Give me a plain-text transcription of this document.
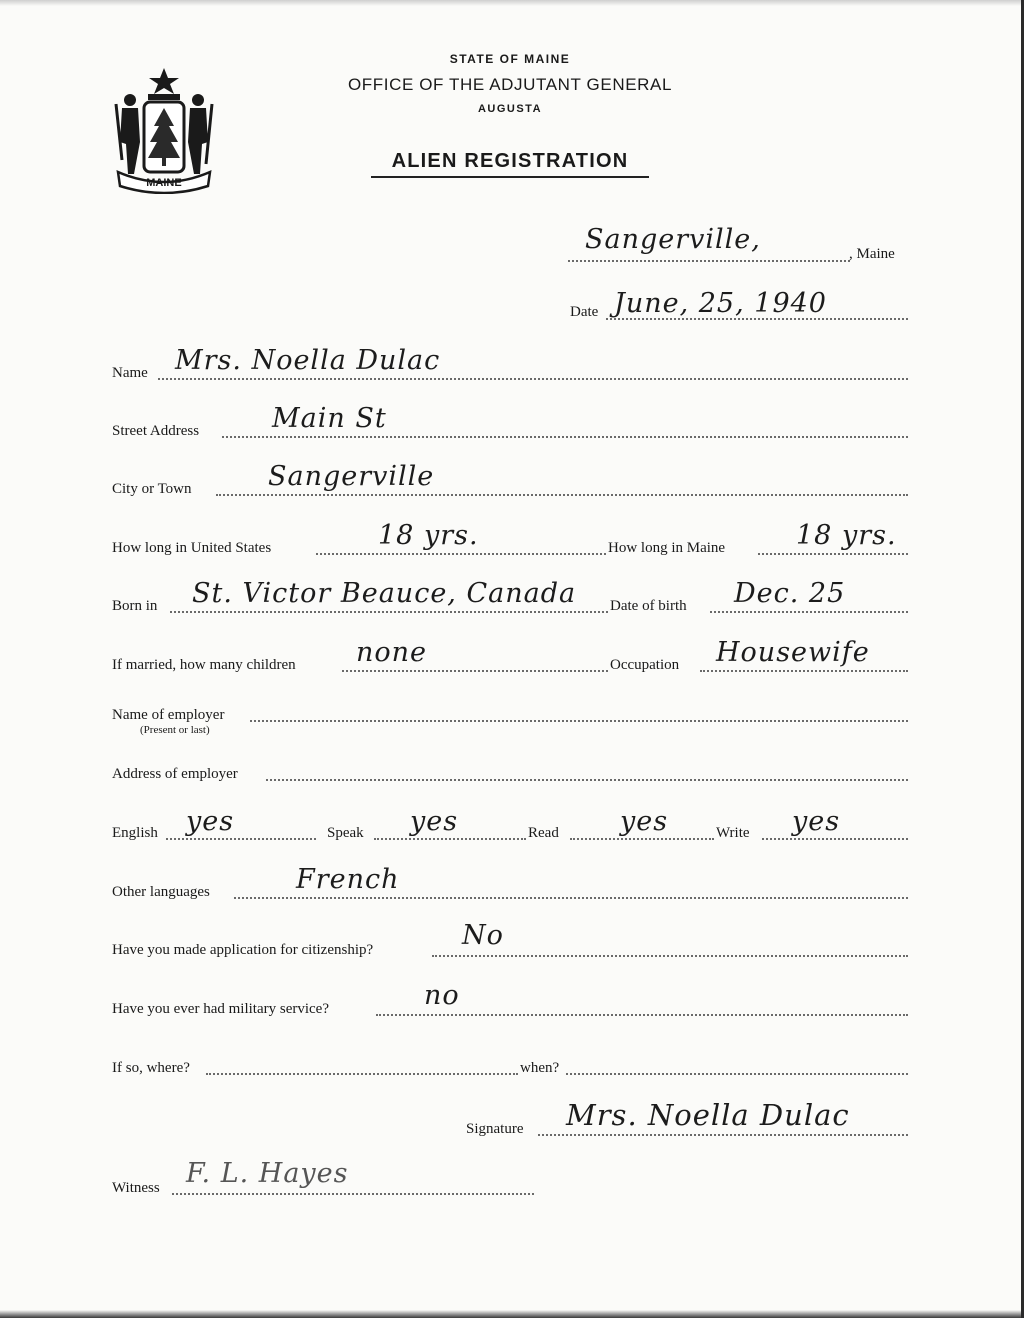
MAINE
STATE OF MAINE
OFFICE OF THE ADJUTANT GENERAL
AUGUSTA
ALIEN REGISTRATION
Sangerville,	, Maine
Date June, 25, 1940
Name Mrs. Noella Dulac
Street Address	Main St
City or Town	Sangerville
How long in United States	18 yrs.	How long in Maine	18 yrs.
Born in St. Victor Beauce, Canada Date of birth Dec. 25
If married, how many children none	Occupation Housewife
Name of employer
(Present or last)
Address of employer
English yes	Speak yes	Read yes	Write yes
Other languages	French
Have you made application for citizenship?	No
Have you ever had military service?	no
If so, where?	when?
Signature Mrs. Noella Dulac
Witness F. L. Hayes
